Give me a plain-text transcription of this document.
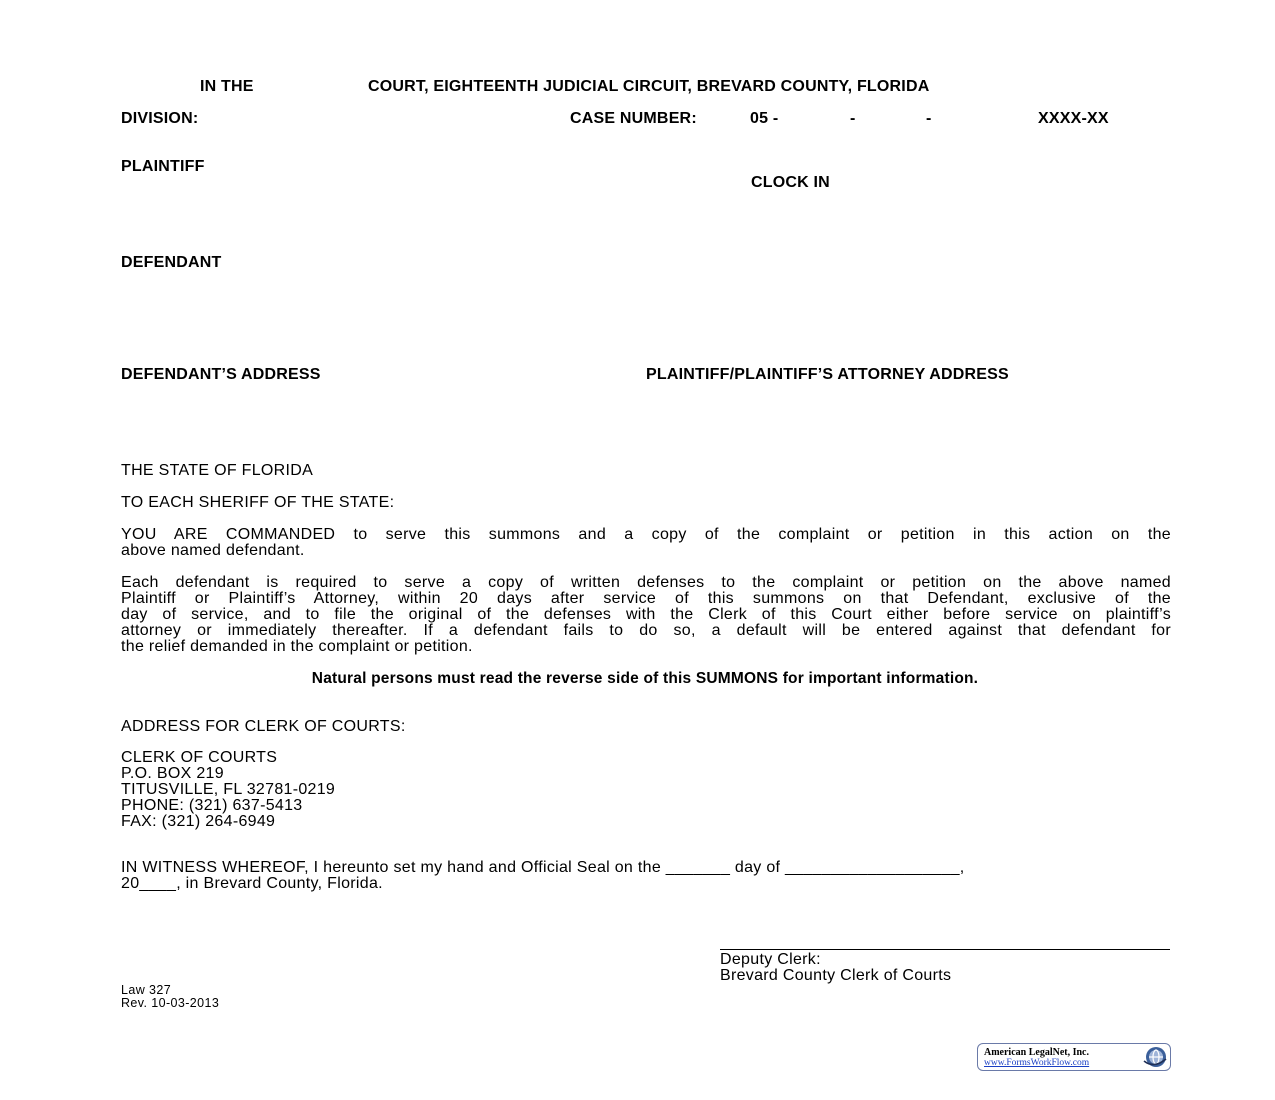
IN THE	COURT, EIGHTEENTH JUDICIAL CIRCUIT, BREVARD COUNTY, FLORIDA
DIVISION:	CASE NUMBER:	05 -	-	-	XXXX-XX
PLAINTIFF
CLOCK IN
DEFENDANT
DEFENDANT’S ADDRESS	PLAINTIFF/PLAINTIFF’S ATTORNEY ADDRESS
THE STATE OF FLORIDA
TO EACH SHERIFF OF THE STATE:
YOU ARE COMMANDED to serve this summons and a copy of the complaint or petition in this action on the
above named defendant.
Each defendant is required to serve a copy of written defenses to the complaint or petition on the above named
Plaintiff or Plaintiff’s Attorney, within 20 days after service of this summons on that Defendant, exclusive of the
day of service, and to file the original of the defenses with the Clerk of this Court either before service on plaintiff’s
attorney or immediately thereafter. If a defendant fails to do so, a default will be entered against that defendant for
the relief demanded in the complaint or petition.
Natural persons must read the reverse side of this SUMMONS for important information.
ADDRESS FOR CLERK OF COURTS:
CLERK OF COURTS
P.O. BOX 219
TITUSVILLE, FL 32781-0219
PHONE: (321) 637-5413
FAX: (321) 264-6949
IN WITNESS WHEREOF, I hereunto set my hand and Official Seal on the _______ day of ___________________,
20____, in Brevard County, Florida.
Deputy Clerk:
Brevard County Clerk of Courts
Law 327
Rev. 10-03-2013
American LegalNet, Inc.
www.FormsWorkFlow.com
